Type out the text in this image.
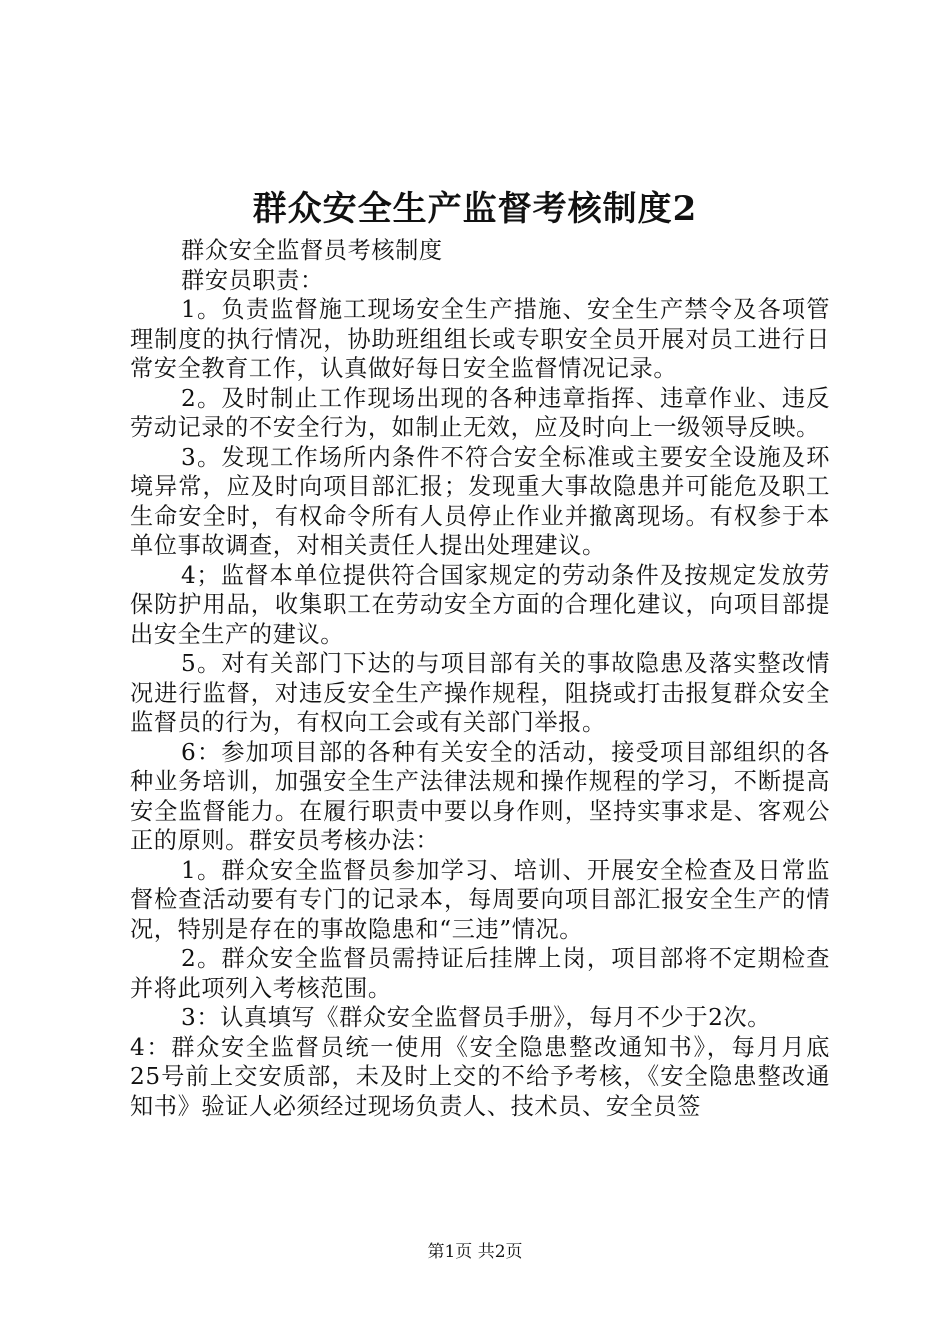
群众安全生产监督考核制度2

群众安全监督员考核制度

群安员职责：

1。负责监督施工现场安全生产措施、安全生产禁令及各项管理制度的执行情况，协助班组组长或专职安全员开展对员工进行日常安全教育工作，认真做好每日安全监督情况记录。

2。及时制止工作现场出现的各种违章指挥、违章作业、违反劳动记录的不安全行为，如制止无效，应及时向上一级领导反映。

3。发现工作场所内条件不符合安全标准或主要安全设施及环境异常，应及时向项目部汇报；发现重大事故隐患并可能危及职工生命安全时，有权命令所有人员停止作业并撤离现场。有权参于本单位事故调查，对相关责任人提出处理建议。

4；监督本单位提供符合国家规定的劳动条件及按规定发放劳保防护用品，收集职工在劳动安全方面的合理化建议，向项目部提出安全生产的建议。

5。对有关部门下达的与项目部有关的事故隐患及落实整改情况进行监督，对违反安全生产操作规程，阻挠或打击报复群众安全监督员的行为，有权向工会或有关部门举报。

6：参加项目部的各种有关安全的活动，接受项目部组织的各种业务培训，加强安全生产法律法规和操作规程的学习，不断提高安全监督能力。在履行职责中要以身作则，坚持实事求是、客观公正的原则。群安员考核办法：

1。群众安全监督员参加学习、培训、开展安全检查及日常监督检查活动要有专门的记录本，每周要向项目部汇报安全生产的情况，特别是存在的事故隐患和“三违”情况。

2。群众安全监督员需持证后挂牌上岗，项目部将不定期检查并将此项列入考核范围。

3：认真填写《群众安全监督员手册》，每月不少于2次。

4：群众安全监督员统一使用《安全隐患整改通知书》，每月月底25号前上交安质部，未及时上交的不给予考核，《安全隐患整改通知书》验证人必须经过现场负责人、技术员、安全员签

第1页 共2页
